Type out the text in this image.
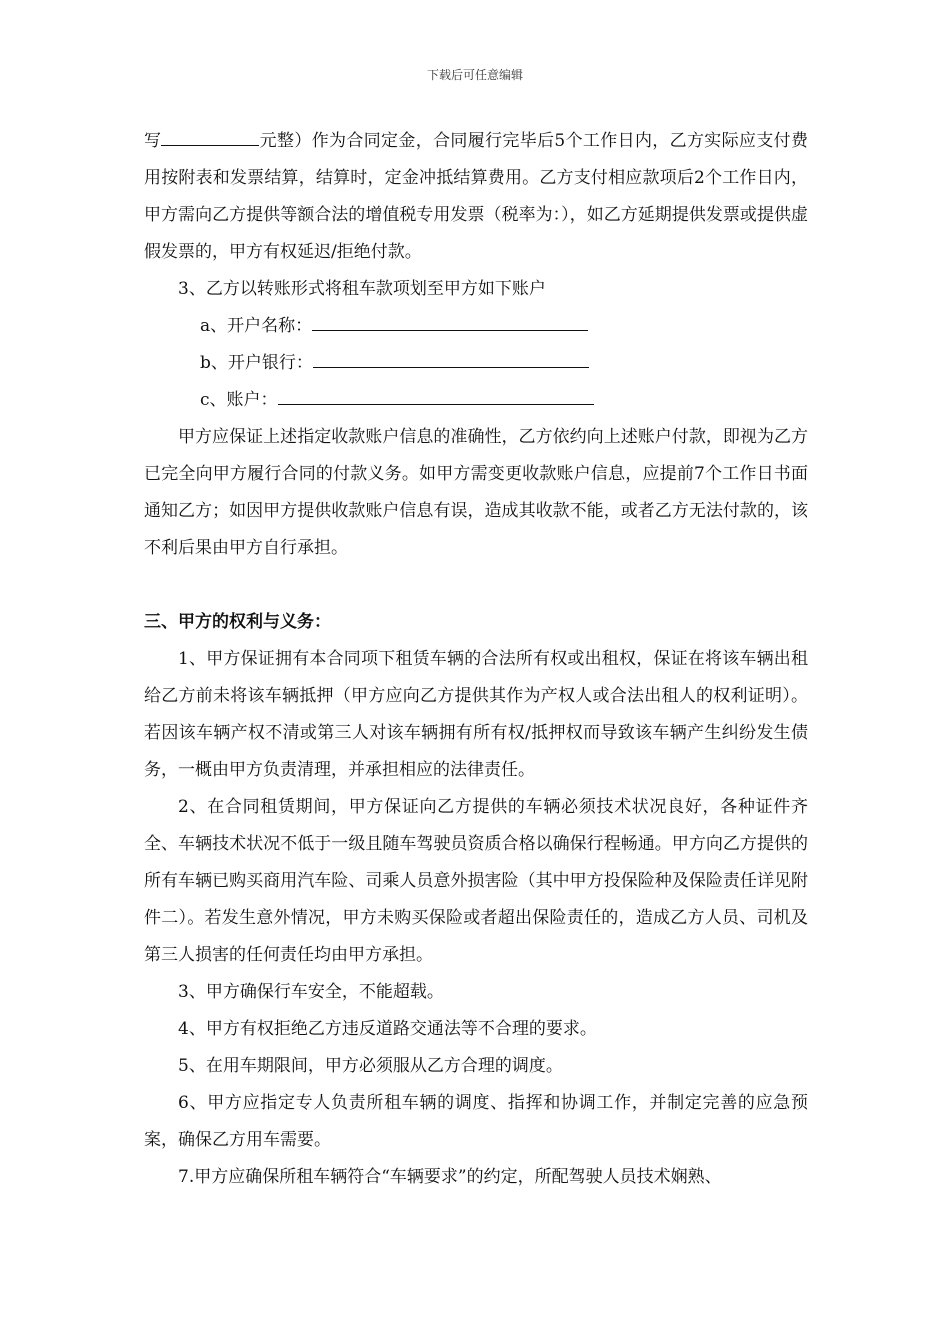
下载后可任意编辑

写	元整）作为合同定金，合同履行完毕后5个工作日内，乙方实际应支付费用按附表和发票结算，结算时，定金冲抵结算费用。乙方支付相应款项后2个工作日内，甲方需向乙方提供等额合法的增值税专用发票（税率为：），如乙方延期提供发票或提供虚假发票的，甲方有权延迟/拒绝付款。

3、乙方以转账形式将租车款项划至甲方如下账户

a、开户名称：

b、开户银行：

c、账户：

甲方应保证上述指定收款账户信息的准确性，乙方依约向上述账户付款，即视为乙方已完全向甲方履行合同的付款义务。如甲方需变更收款账户信息，应提前7个工作日书面通知乙方；如因甲方提供收款账户信息有误，造成其收款不能，或者乙方无法付款的，该不利后果由甲方自行承担。

三、甲方的权利与义务：

1、甲方保证拥有本合同项下租赁车辆的合法所有权或出租权，保证在将该车辆出租给乙方前未将该车辆抵押（甲方应向乙方提供其作为产权人或合法出租人的权利证明）。若因该车辆产权不清或第三人对该车辆拥有所有权/抵押权而导致该车辆产生纠纷发生债务，一概由甲方负责清理，并承担相应的法律责任。

2、在合同租赁期间，甲方保证向乙方提供的车辆必须技术状况良好，各种证件齐全、车辆技术状况不低于一级且随车驾驶员资质合格以确保行程畅通。甲方向乙方提供的所有车辆已购买商用汽车险、司乘人员意外损害险（其中甲方投保险种及保险责任详见附件二）。若发生意外情况，甲方未购买保险或者超出保险责任的，造成乙方人员、司机及第三人损害的任何责任均由甲方承担。

3、甲方确保行车安全，不能超载。

4、甲方有权拒绝乙方违反道路交通法等不合理的要求。

5、在用车期限间，甲方必须服从乙方合理的调度。

6、甲方应指定专人负责所租车辆的调度、指挥和协调工作，并制定完善的应急预案，确保乙方用车需要。

7.甲方应确保所租车辆符合“车辆要求”的约定，所配驾驶人员技术娴熟、
